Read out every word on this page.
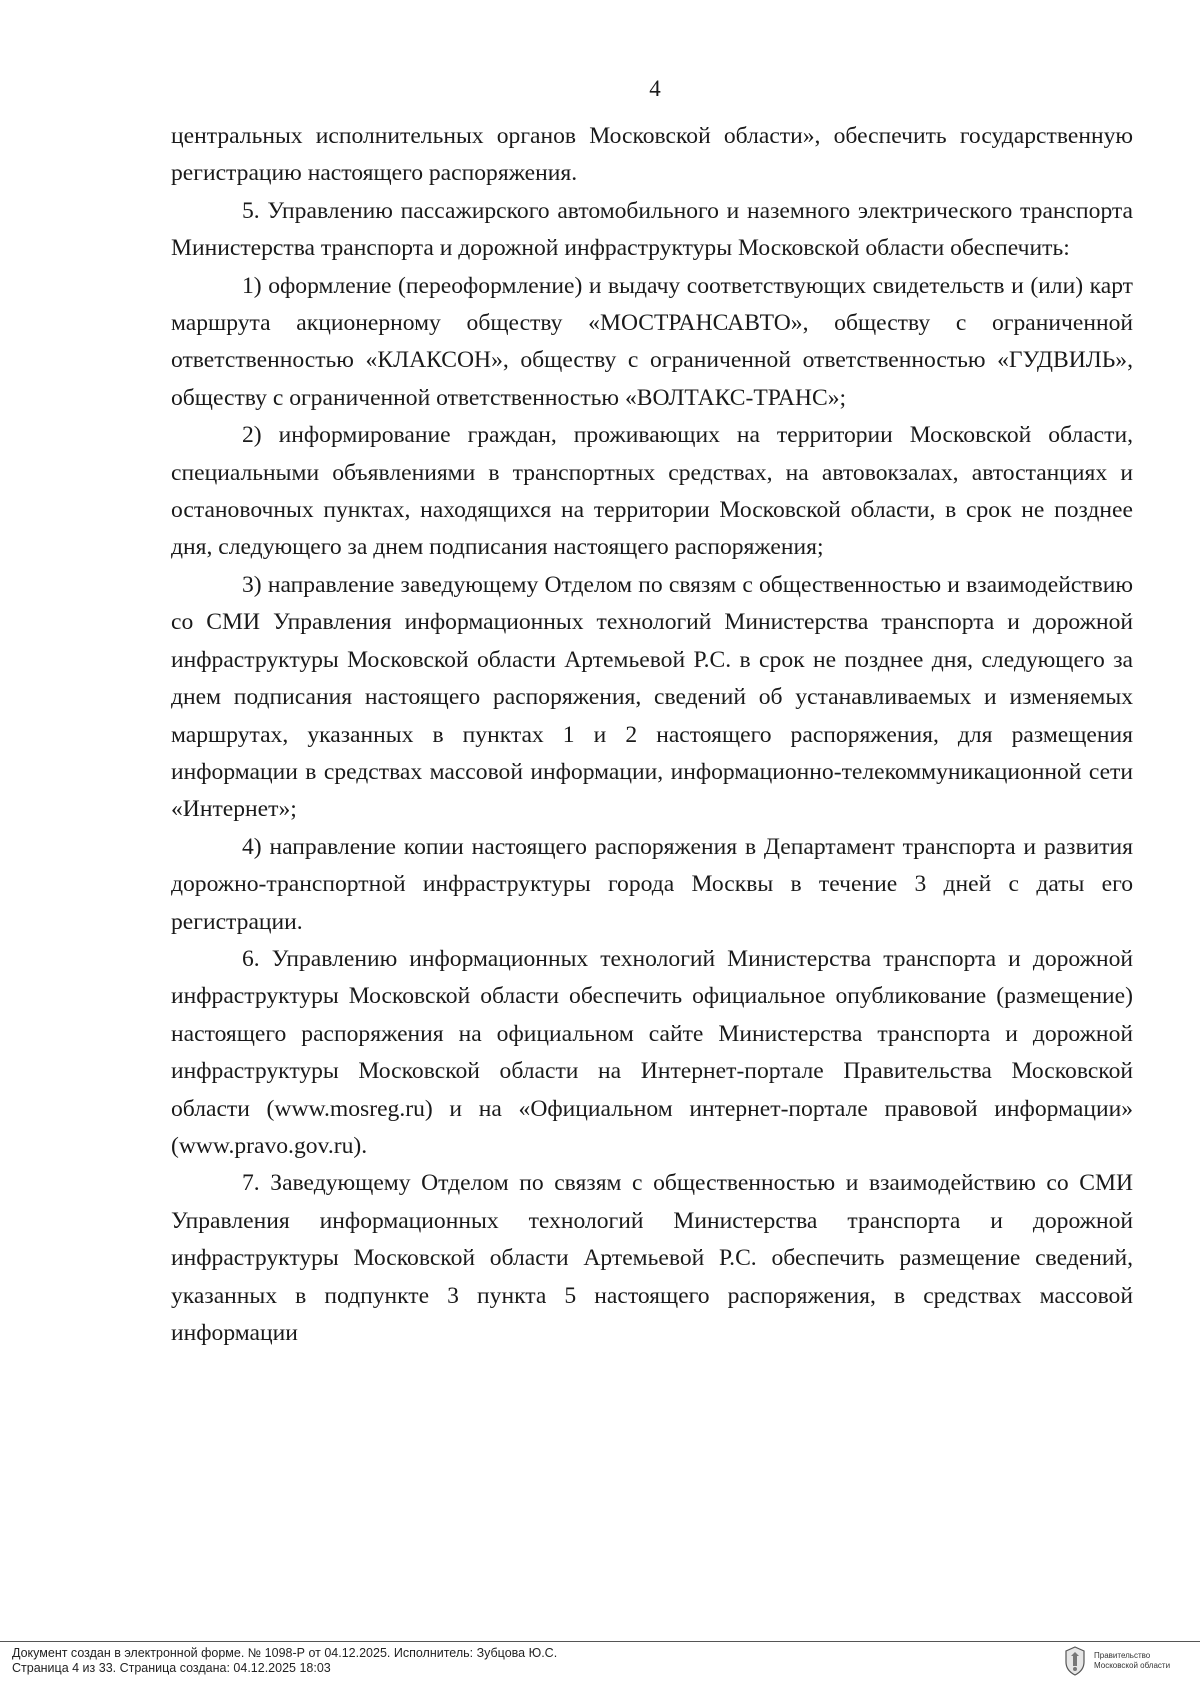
4

центральных исполнительных органов Московской области», обеспечить государственную регистрацию настоящего распоряжения.

5. Управлению пассажирского автомобильного и наземного электрического транспорта Министерства транспорта и дорожной инфраструктуры Московской области обеспечить:

1) оформление (переоформление) и выдачу соответствующих свидетельств и (или) карт маршрута акционерному обществу «МОСТРАНСАВТО», обществу с ограниченной ответственностью «КЛАКСОН», обществу с ограниченной ответственностью «ГУДВИЛЬ», обществу с ограниченной ответственностью «ВОЛТАКС-ТРАНС»;

2) информирование граждан, проживающих на территории Московской области, специальными объявлениями в транспортных средствах, на автовокзалах, автостанциях и остановочных пунктах, находящихся на территории Московской области, в срок не позднее дня, следующего за днем подписания настоящего распоряжения;

3) направление заведующему Отделом по связям с общественностью и взаимодействию со СМИ Управления информационных технологий Министерства транспорта и дорожной инфраструктуры Московской области Артемьевой Р.С. в срок не позднее дня, следующего за днем подписания настоящего распоряжения, сведений об устанавливаемых и изменяемых маршрутах, указанных в пунктах 1 и 2 настоящего распоряжения, для размещения информации в средствах массовой информации, информационно-телекоммуникационной сети «Интернет»;

4) направление копии настоящего распоряжения в Департамент транспорта и развития дорожно-транспортной инфраструктуры города Москвы в течение 3 дней с даты его регистрации.

6. Управлению информационных технологий Министерства транспорта и дорожной инфраструктуры Московской области обеспечить официальное опубликование (размещение) настоящего распоряжения на официальном сайте Министерства транспорта и дорожной инфраструктуры Московской области на Интернет-портале Правительства Московской области (www.mosreg.ru) и на «Официальном интернет-портале правовой информации» (www.pravo.gov.ru).

7. Заведующему Отделом по связям с общественностью и взаимодействию со СМИ Управления информационных технологий Министерства транспорта и дорожной инфраструктуры Московской области Артемьевой Р.С. обеспечить размещение сведений, указанных в подпункте 3 пункта 5 настоящего распоряжения, в средствах массовой информации

Документ создан в электронной форме. № 1098-Р от 04.12.2025. Исполнитель: Зубцова Ю.С.
Страница 4 из 33. Страница создана: 04.12.2025 18:03
Правительство
Московской области
